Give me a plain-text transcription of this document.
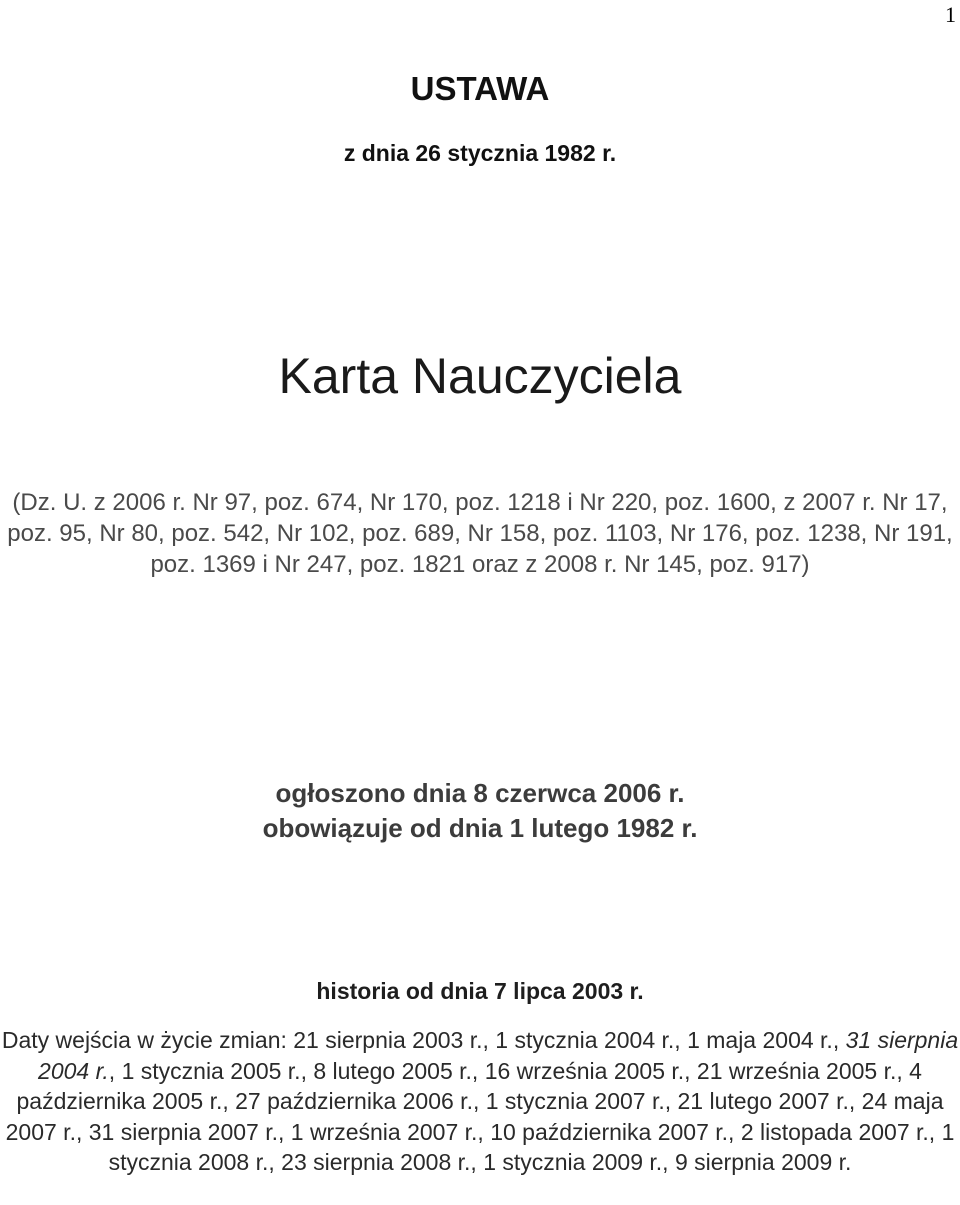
1
USTAWA
z dnia 26 stycznia 1982 r.
Karta Nauczyciela
(Dz. U. z 2006 r. Nr 97, poz. 674, Nr 170, poz. 1218 i Nr 220, poz. 1600, z 2007 r. Nr 17, poz. 95, Nr 80, poz. 542, Nr 102, poz. 689, Nr 158, poz. 1103, Nr 176, poz. 1238, Nr 191, poz. 1369 i Nr 247, poz. 1821 oraz z 2008 r. Nr 145, poz. 917)
ogłoszono dnia 8 czerwca 2006 r.
obowiązuje od dnia 1 lutego 1982 r.
historia od dnia 7 lipca 2003 r.
Daty wejścia w życie zmian: 21 sierpnia 2003 r., 1 stycznia 2004 r., 1 maja 2004 r., 31 sierpnia 2004 r., 1 stycznia 2005 r., 8 lutego 2005 r., 16 września 2005 r., 21 września 2005 r., 4 października 2005 r., 27 października 2006 r., 1 stycznia 2007 r., 21 lutego 2007 r., 24 maja 2007 r., 31 sierpnia 2007 r., 1 września 2007 r., 10 października 2007 r., 2 listopada 2007 r., 1 stycznia 2008 r., 23 sierpnia 2008 r., 1 stycznia 2009 r., 9 sierpnia 2009 r.
